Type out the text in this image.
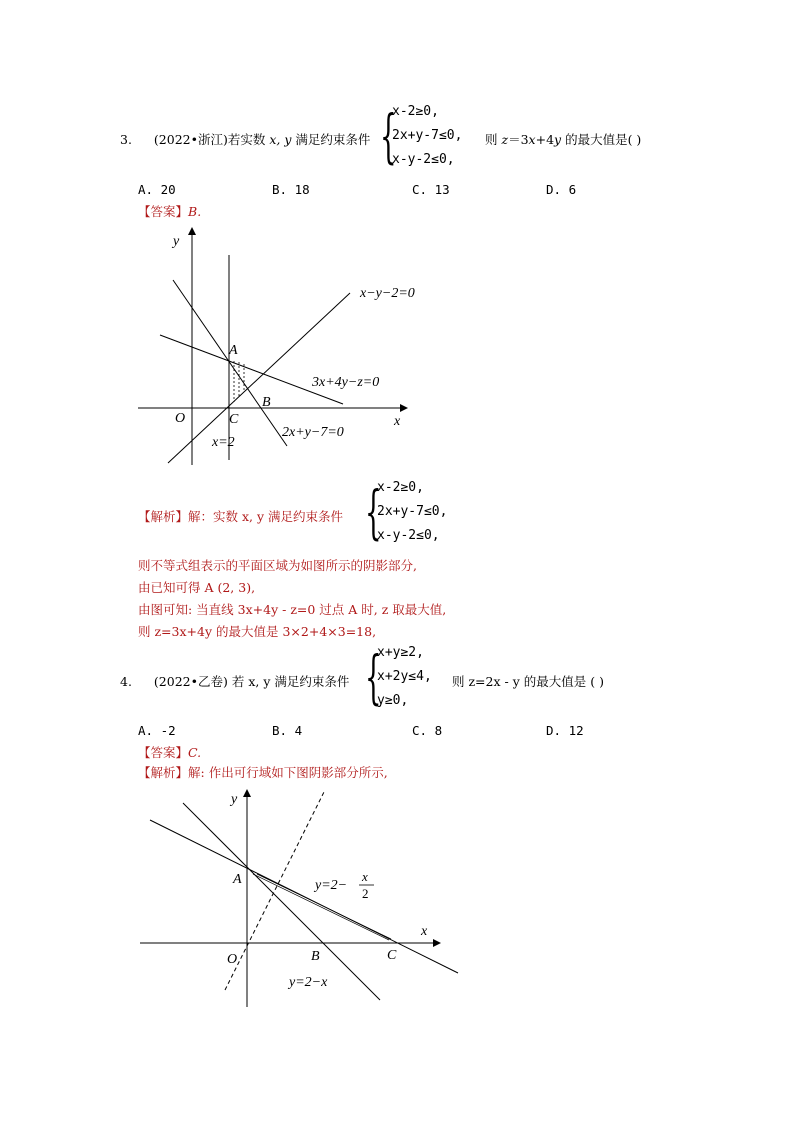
3. (2022•浙江)若实数 x, y 满足约束条件 {
x-2≥0,
2x+y-7≤0,
x-y-2≤0,
则 z＝3x+4y 的最大值是( )
A. 20	B. 18	C. 13	D. 6
【答案】B.
y
x
O
A
B
C
x−y−2=0
3x+4y−z=0
2x+y−7=0
x=2
【解析】解：实数 x, y 满足约束条件 {
x-2≥0,
2x+y-7≤0,
x-y-2≤0,
则不等式组表示的平面区域为如图所示的阴影部分,
由已知可得 A (2, 3),
由图可知: 当直线 3x+4y - z=0 过点 A 时, z 取最大值,
则 z=3x+4y 的最大值是 3×2+4×3=18,
4. (2022•乙卷) 若 x, y 满足约束条件 {
x+y≥2,
x+2y≤4,
y≥0,
则 z=2x - y 的最大值是 ( )
A. -2	B. 4	C. 8	D. 12
【答案】C.
【解析】解: 作出可行域如下图阴影部分所示,
y
x
O
A
B	C
y=2−
x
2
y=2−x
